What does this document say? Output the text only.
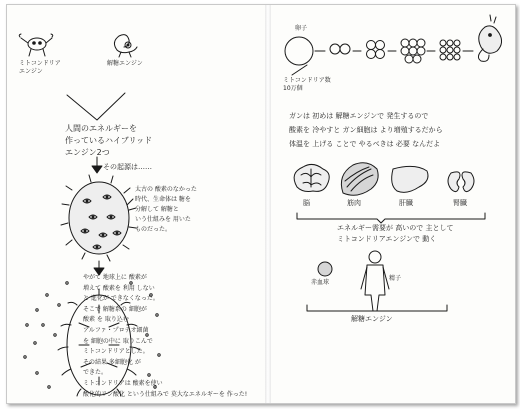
ミトコンドリア
エンジン
解糖エンジン
人間のエネルギーを
作っているハイブリッド
エンジン2つ
その起源は……
太古の 酸素のなかった
時代、生命体は 糖を
分解して 解糖と
いう仕組みを 用いた
ものだった。
やがて 地球上に 酸素が
増えて 酸素を 利用 しない
と 進化が できなくなった。
そこで 解糖系の 細胞が
酸素 を 取り込む
アルファ・プロテオ細菌
を 細胞の中に 取りこんで
ミトコンドリアとした。
その結果 多細胞化 が
できた。
ミトコンドリアは 酸素を使い
酸化的リン酸化 という仕組みで 莫大なエネルギーを 作った!
卵子
ミトコンドリア数
10万個
ガンは 初めは 解糖エンジンで 発生するので
酸素を 冷やすと ガン細胞は より増殖するだから
体温を 上げる ことで やるべきは 必要 なんだよ
脳	筋肉	肝臓	腎臓
エネルギー需要が 高いので 主として
ミトコンドリアエンジンで 動く
赤血球
精子
解糖エンジン
